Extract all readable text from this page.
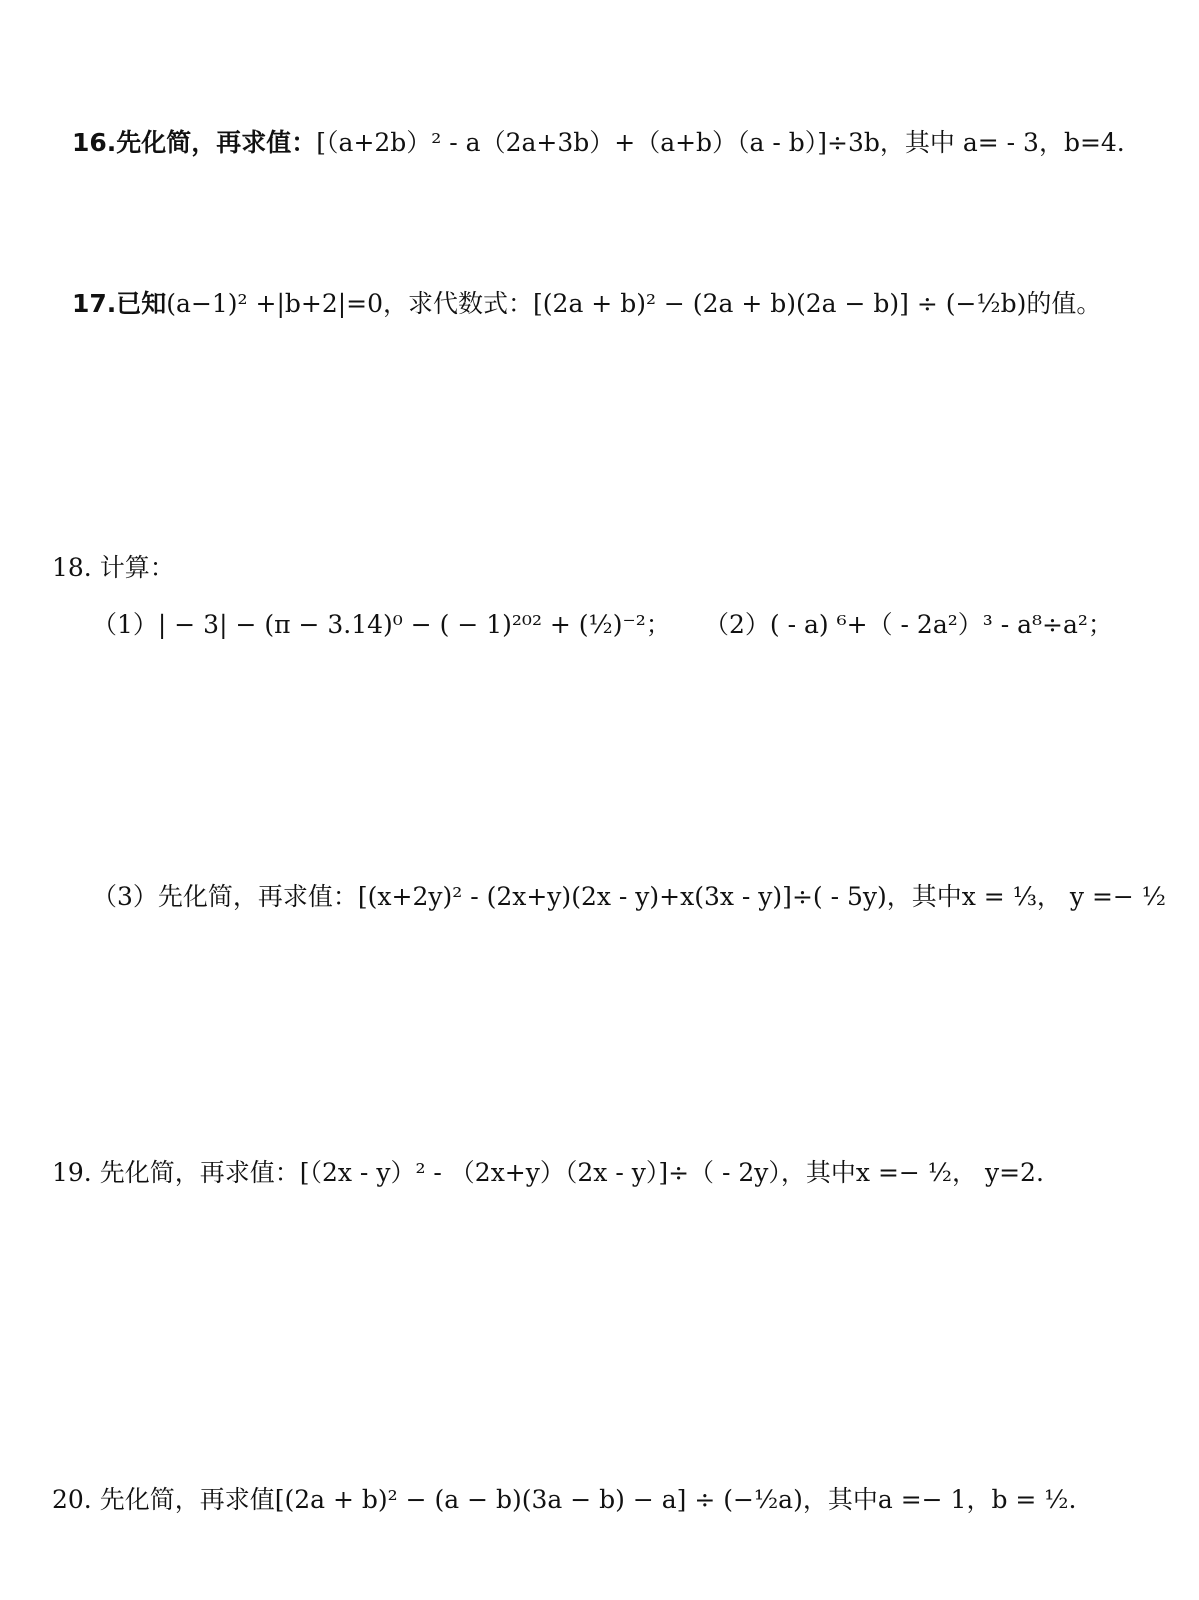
16.先化简，再求值：[（a+2b）² - a（2a+3b）+（a+b）（a - b）]÷3b，其中 a= - 3，b=4.
17.已知(a−1)² +|b+2|=0，求代数式：[(2a + b)² − (2a + b)(2a − b)] ÷ (−½b)的值。
18. 计算：
（1）| − 3| − (π − 3.14)⁰ − ( − 1)²⁰² + (½)⁻²； （2）( - a) ⁶+（ - 2a²）³ - a⁸÷a²；
（3）先化简，再求值：[(x+2y)² - (2x+y)(2x - y)+x(3x - y)]÷( - 5y)，其中x = ⅓， y =− ½
19. 先化简，再求值：[（2x - y）² - （2x+y）（2x - y）]÷（ - 2y），其中x =− ½， y=2.
20. 先化简，再求值[(2a + b)² − (a − b)(3a − b) − a] ÷ (−½a)，其中a =− 1，b = ½.
